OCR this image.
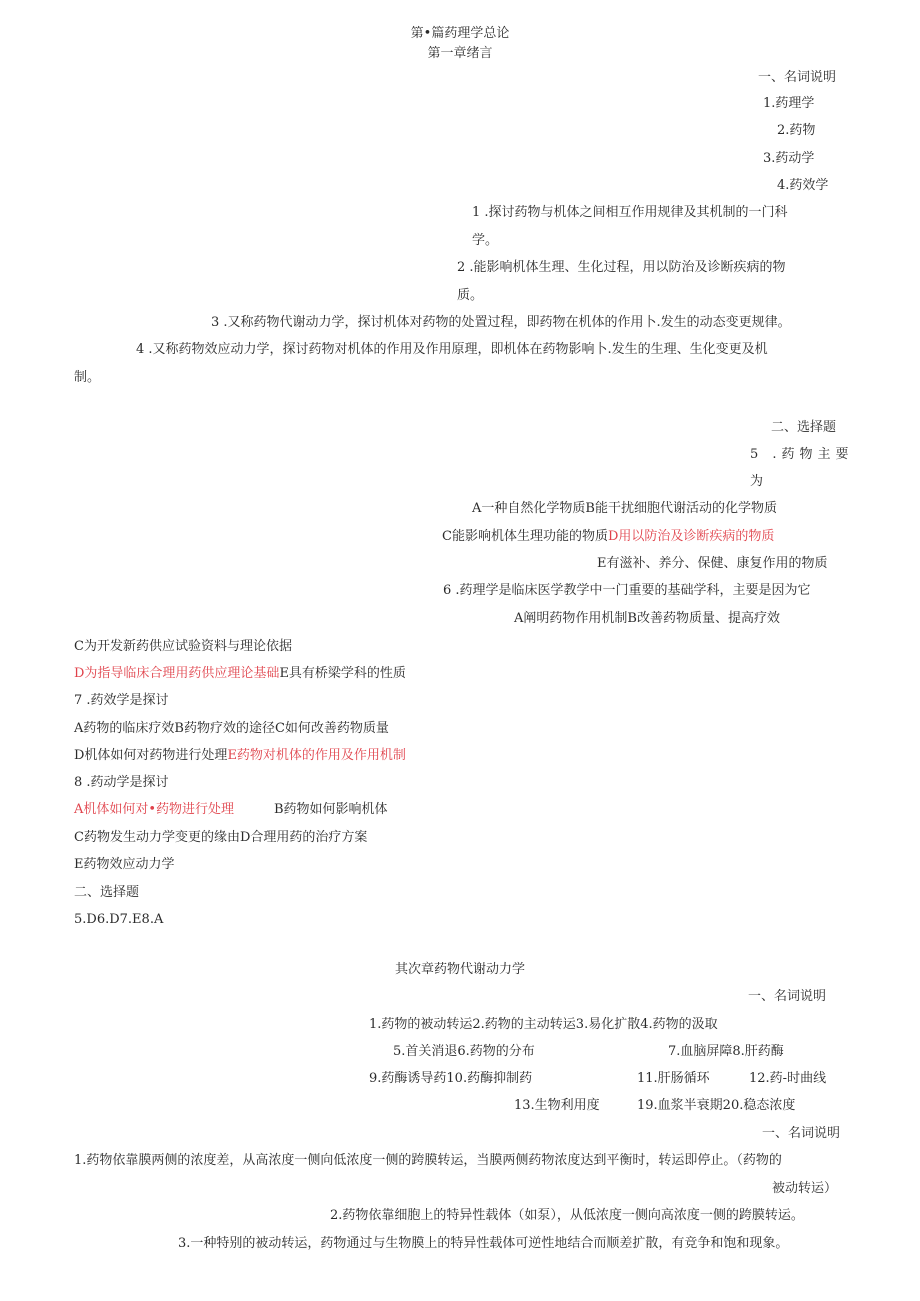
第•篇药理学总论
第一章绪言
一、名词说明
1.药理学
2.药物
3.药动学
4.药效学
1 .探讨药物与机体之间相互作用规律及其机制的一门科
学。
2 .能影响机体生理、生化过程，用以防治及诊断疾病的物
质。
3 .又称药物代谢动力学，探讨机体对药物的处置过程，即药物在机体的作用卜.发生的动态变更规律。
4 .又称药物效应动力学，探讨药物对机体的作用及作用原理，即机体在药物影响卜.发生的生理、生化变更及机
制。
二、选择题
5 .药物主要
为
A一种自然化学物质B能干扰细胞代谢活动的化学物质
C能影响机体生理功能的物质D用以防治及诊断疾病的物质
E有滋补、养分、保健、康复作用的物质
6 .药理学是临床医学教学中一门重要的基础学科，主要是因为它
A阐明药物作用机制B改善药物质量、提高疗效
C为开发新药供应试验资料与理论依据
D为指导临床合理用药供应理论基础E具有桥梁学科的性质
7 .药效学是探讨
A药物的临床疗效B药物疗效的途径C如何改善药物质量
D机体如何对药物进行处理E药物对机体的作用及作用机制
8 .药动学是探讨
A机体如何对•药物进行处理	B药物如何影响机体
C药物发生动力学变更的缘由D合理用药的治疗方案
E药物效应动力学
二、选择题
5.D6.D7.E8.A
其次章药物代谢动力学
一、名词说明
1.药物的被动转运2.药物的主动转运3.易化扩散4.药物的汲取
5.首关消退6.药物的分布	7.血脑屏障8.肝药酶
9.药酶诱导药10.药酶抑制药	11.肝肠循环	12.药-时曲线
13.生物利用度	19.血浆半衰期20.稳态浓度
一、名词说明
1.药物依靠膜两侧的浓度差，从高浓度一侧向低浓度一侧的跨膜转运，当膜两侧药物浓度达到平衡时，转运即停止。（药物的
被动转运）
2.药物依靠细胞上的特异性载体（如泵），从低浓度一侧向高浓度一侧的跨膜转运。
3.一种特别的被动转运，药物通过与生物膜上的特异性载体可逆性地结合而顺差扩散，有竞争和饱和现象。
